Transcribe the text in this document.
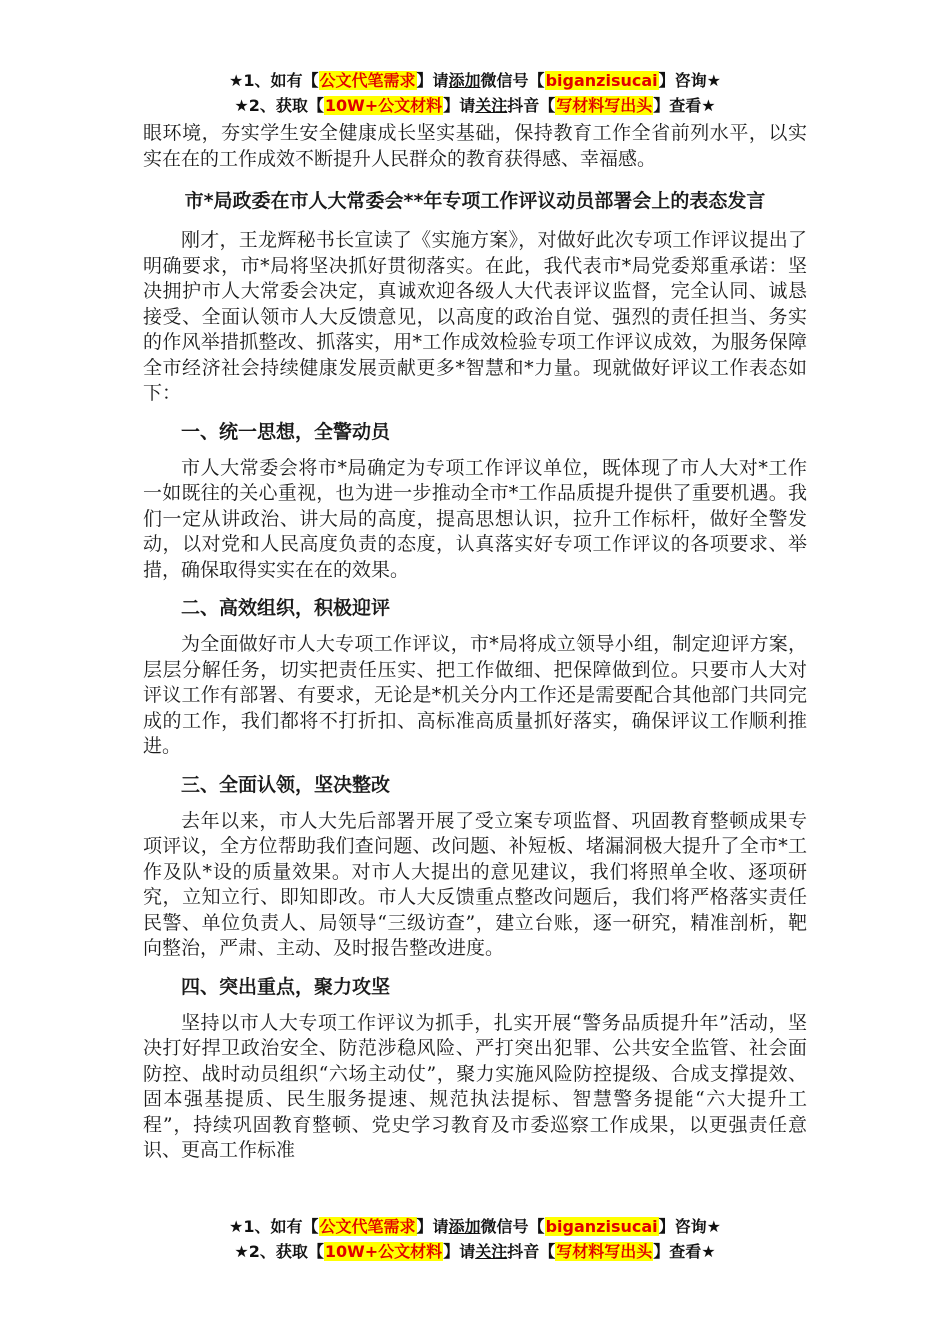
★1、如有【公文代笔需求】请添加微信号【biganzisucai】咨询★
★2、获取【10W+公文材料】请关注抖音【写材料写出头】查看★

眼环境，夯实学生安全健康成长坚实基础，保持教育工作全省前列水平，以实实在在的工作成效不断提升人民群众的教育获得感、幸福感。

市*局政委在市人大常委会**年专项工作评议动员部署会上的表态发言

刚才，王龙辉秘书长宣读了《实施方案》，对做好此次专项工作评议提出了明确要求，市*局将坚决抓好贯彻落实。在此，我代表市*局党委郑重承诺：坚决拥护市人大常委会决定，真诚欢迎各级人大代表评议监督，完全认同、诚恳接受、全面认领市人大反馈意见，以高度的政治自觉、强烈的责任担当、务实的作风举措抓整改、抓落实，用*工作成效检验专项工作评议成效，为服务保障全市经济社会持续健康发展贡献更多*智慧和*力量。现就做好评议工作表态如下：

一、统一思想，全警动员

市人大常委会将市*局确定为专项工作评议单位，既体现了市人大对*工作一如既往的关心重视，也为进一步推动全市*工作品质提升提供了重要机遇。我们一定从讲政治、讲大局的高度，提高思想认识，拉升工作标杆，做好全警发动，以对党和人民高度负责的态度，认真落实好专项工作评议的各项要求、举措，确保取得实实在在的效果。

二、高效组织，积极迎评

为全面做好市人大专项工作评议，市*局将成立领导小组，制定迎评方案，层层分解任务，切实把责任压实、把工作做细、把保障做到位。只要市人大对评议工作有部署、有要求，无论是*机关分内工作还是需要配合其他部门共同完成的工作，我们都将不打折扣、高标准高质量抓好落实，确保评议工作顺利推进。

三、全面认领，坚决整改

去年以来，市人大先后部署开展了受立案专项监督、巩固教育整顿成果专项评议，全方位帮助我们查问题、改问题、补短板、堵漏洞极大提升了全市*工作及队*设的质量效果。对市人大提出的意见建议，我们将照单全收、逐项研究，立知立行、即知即改。市人大反馈重点整改问题后，我们将严格落实责任民警、单位负责人、局领导“三级访查”，建立台账，逐一研究，精准剖析，靶向整治，严肃、主动、及时报告整改进度。

四、突出重点，聚力攻坚

坚持以市人大专项工作评议为抓手，扎实开展“警务品质提升年”活动，坚决打好捍卫政治安全、防范涉稳风险、严打突出犯罪、公共安全监管、社会面防控、战时动员组织“六场主动仗”，聚力实施风险防控提级、合成支撑提效、固本强基提质、民生服务提速、规范执法提标、智慧警务提能“六大提升工程”，持续巩固教育整顿、党史学习教育及市委巡察工作成果，以更强责任意识、更高工作标准

★1、如有【公文代笔需求】请添加微信号【biganzisucai】咨询★
★2、获取【10W+公文材料】请关注抖音【写材料写出头】查看★
